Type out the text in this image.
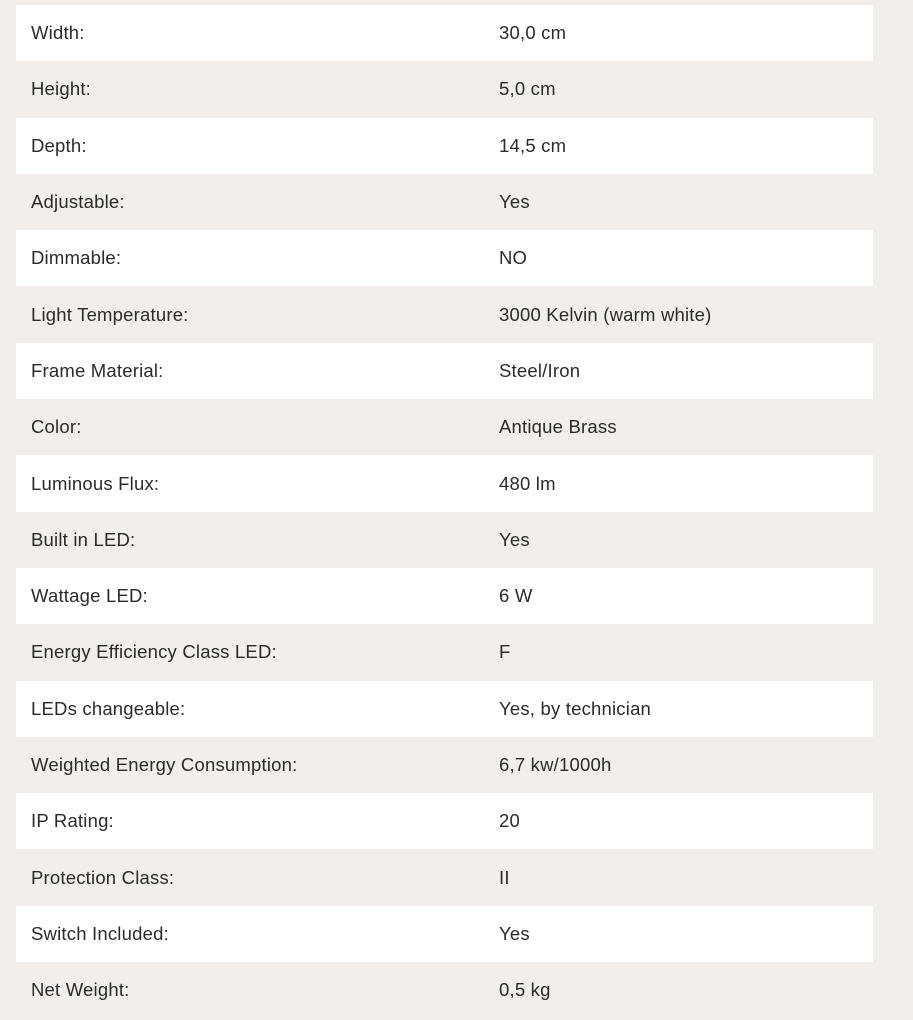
Width:	30,0 cm
Height:	5,0 cm
Depth:	14,5 cm
Adjustable:	Yes
Dimmable:	NO
Light Temperature:	3000 Kelvin (warm white)
Frame Material:	Steel/Iron
Color:	Antique Brass
Luminous Flux:	480 lm
Built in LED:	Yes
Wattage LED:	6 W
Energy Efficiency Class LED:	F
LEDs changeable:	Yes, by technician
Weighted Energy Consumption:	6,7 kw/1000h
IP Rating:	20
Protection Class:	II
Switch Included:	Yes
Net Weight:	0,5 kg
